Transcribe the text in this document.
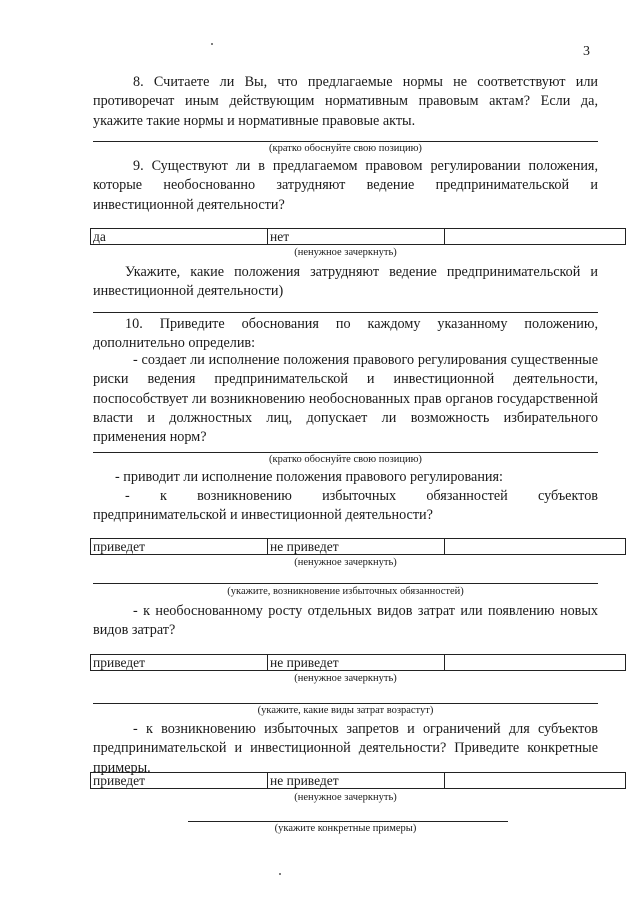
3
8. Считаете ли Вы, что предлагаемые нормы не соответствуют или противоречат иным действующим нормативным правовым актам? Если да, укажите такие нормы и нормативные правовые акты.
(кратко обоснуйте свою позицию)
9. Существуют ли в предлагаемом правовом регулировании положения, которые необоснованно затрудняют ведение предпринимательской и инвестиционной деятельности?
да	нет	
(ненужное зачеркнуть)
Укажите, какие положения затрудняют ведение предпринимательской и инвестиционной деятельности)
10. Приведите обоснования по каждому указанному положению, дополнительно определив:
- создает ли исполнение положения правового регулирования существенные риски ведения предпринимательской и инвестиционной деятельности, поспособствует ли возникновению необоснованных прав органов государственной власти и должностных лиц, допускает ли возможность избирательного применения норм?
(кратко обоснуйте свою позицию)
- приводит ли исполнение положения правового регулирования:
- к возникновению избыточных обязанностей субъектов предпринимательской и инвестиционной деятельности?
приведет	не приведет	
(ненужное зачеркнуть)
(укажите, возникновение избыточных обязанностей)
- к необоснованному росту отдельных видов затрат или появлению новых видов затрат?
приведет	не приведет	
(ненужное зачеркнуть)
(укажите, какие виды затрат возрастут)
- к возникновению избыточных запретов и ограничений для субъектов предпринимательской и инвестиционной деятельности? Приведите конкретные примеры.
приведет	не приведет	
(ненужное зачеркнуть)
(укажите конкретные примеры)
